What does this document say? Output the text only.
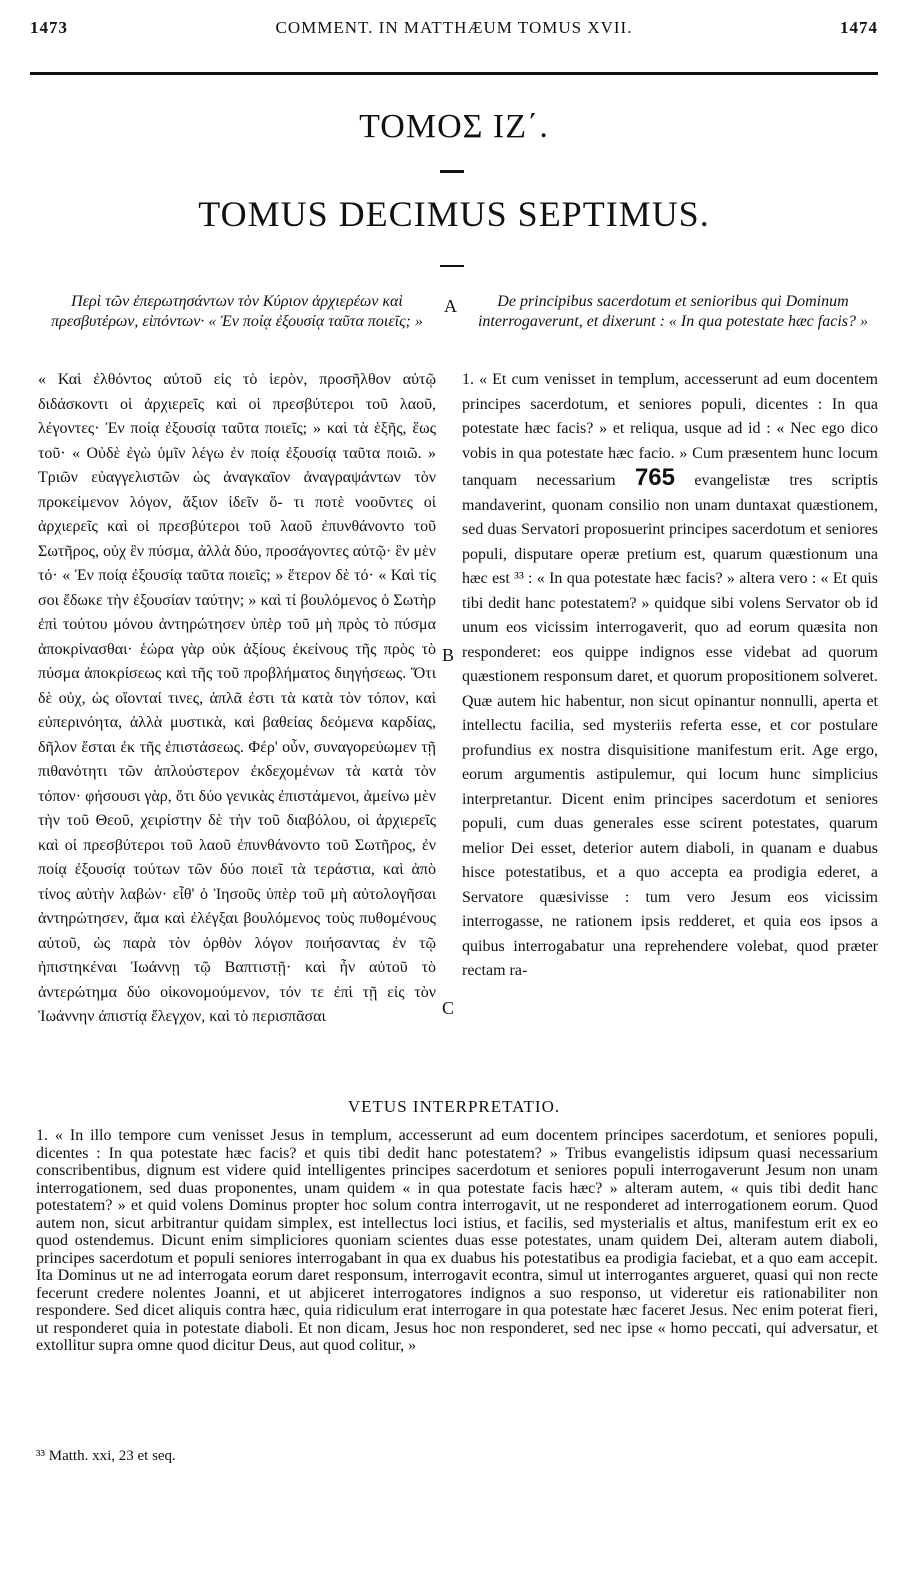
1473	COMMENT. IN MATTHÆUM TOMUS XVII.	1474
ΤΟΜΟΣ ΙΖ΄.
TOMUS DECIMUS SEPTIMUS.
Περὶ τῶν ἐπερωτησάντων τὸν Κύριον ἀρχιερέων καὶ πρεσβυτέρων, εἰπόντων· « Ἐν ποίᾳ ἐξουσίᾳ ταῦτα ποιεῖς; »
De principibus sacerdotum et senioribus qui Dominum interrogaverunt, et dixerunt : « In qua potestate hæc facis? »
A
B
C
« Καὶ ἐλθόντος αὐτοῦ εἰς τὸ ἱερὸν, προσῆλθον αὐτῷ διδάσκοντι οἱ ἀρχιερεῖς καὶ οἱ πρεσβύτεροι τοῦ λαοῦ, λέγοντες· Ἐν ποίᾳ ἐξουσίᾳ ταῦτα ποιεῖς; » καὶ τὰ ἑξῆς, ἕως τοῦ· « Οὐδὲ ἐγὼ ὑμῖν λέγω ἐν ποίᾳ ἐξουσίᾳ ταῦτα ποιῶ. » Τριῶν εὐαγγελιστῶν ὡς ἀναγκαῖον ἀναγραψάντων τὸν προκείμενον λόγον, ἄξιον ἰδεῖν ὅ- τι ποτὲ νοοῦντες οἱ ἀρχιερεῖς καὶ οἱ πρεσβύτεροι τοῦ λαοῦ ἐπυνθάνοντο τοῦ Σωτῆρος, οὐχ ἓν πύσμα, ἀλλὰ δύο, προσάγοντες αὐτῷ· ἓν μὲν τό· « Ἐν ποίᾳ ἐξουσίᾳ ταῦτα ποιεῖς; » ἕτερον δὲ τό· « Καὶ τίς σοι ἔδωκε τὴν ἐξουσίαν ταύτην; » καὶ τί βουλόμενος ὁ Σωτὴρ ἐπὶ τούτου μόνου ἀντηρώτησεν ὑπὲρ τοῦ μὴ πρὸς τὸ πύσμα ἀποκρίνασθαι· ἑώρα γὰρ οὐκ ἀξίους ἐκείνους τῆς πρὸς τὸ πύσμα ἀποκρίσεως καὶ τῆς τοῦ προβλήματος διηγήσεως. Ὅτι δὲ οὐχ, ὡς οἴονταί τινες, ἁπλᾶ ἐστι τὰ κατὰ τὸν τόπον, καὶ εὐπερινόητα, ἀλλὰ μυστικὰ, καὶ βαθείας δεόμενα καρδίας, δῆλον ἔσται ἐκ τῆς ἐπιστάσεως. Φέρ' οὖν, συναγορεύωμεν τῇ πιθανότητι τῶν ἁπλούστερον ἐκδεχομένων τὰ κατὰ τὸν τόπον· φήσουσι γὰρ, ὅτι δύο γενικὰς ἐπιστάμενοι, ἀμείνω μὲν τὴν τοῦ Θεοῦ, χειρίστην δὲ τὴν τοῦ διαβόλου, οἱ ἀρχιερεῖς καὶ οἱ πρεσβύτεροι τοῦ λαοῦ ἐπυνθάνοντο τοῦ Σωτῆρος, ἐν ποίᾳ ἐξουσίᾳ τούτων τῶν δύο ποιεῖ τὰ τεράστια, καὶ ἀπὸ τίνος αὐτὴν λαβών· εἶθ' ὁ Ἰησοῦς ὑπὲρ τοῦ μὴ αὐτολογῆσαι ἀντηρώτησεν, ἅμα καὶ ἐλέγξαι βουλόμενος τοὺς πυθομένους αὐτοῦ, ὡς παρὰ τὸν ὀρθὸν λόγον ποιήσαντας ἐν τῷ ἠπιστηκέναι Ἰωάννῃ τῷ Βαπτιστῇ· καὶ ἦν αὐτοῦ τὸ ἀντερώτημα δύο οἰκονομούμενον, τόν τε ἐπὶ τῇ εἰς τὸν Ἰωάννην ἀπιστίᾳ ἔλεγχον, καὶ τὸ περισπᾶσαι
1. « Et cum venisset in templum, accesserunt ad eum docentem principes sacerdotum, et seniores populi, dicentes : In qua potestate hæc facis? » et reliqua, usque ad id : « Nec ego dico vobis in qua potestate hæc facio. » Cum præsentem hunc locum tanquam necessarium 765 evangelistæ tres scriptis mandaverint, quonam consilio non unam duntaxat quæstionem, sed duas Servatori proposuerint principes sacerdotum et seniores populi, disputare operæ pretium est, quarum quæstionum una hæc est ³³ : « In qua potestate hæc facis? » altera vero : « Et quis tibi dedit hanc potestatem? » quidque sibi volens Servator ob id unum eos vicissim interrogaverit, quo ad eorum quæsita non responderet: eos quippe indignos esse videbat ad quorum quæstionem responsum daret, et quorum propositionem solveret. Quæ autem hic habentur, non sicut opinantur nonnulli, aperta et intellectu facilia, sed mysteriis referta esse, et cor postulare profundius ex nostra disquisitione manifestum erit. Age ergo, eorum argumentis astipulemur, qui locum hunc simplicius interpretantur. Dicent enim principes sacerdotum et seniores populi, cum duas generales esse scirent potestates, quarum melior Dei esset, deterior autem diaboli, in quanam e duabus hisce potestatibus, et a quo accepta ea prodigia ederet, a Servatore quæsivisse : tum vero Jesum eos vicissim interrogasse, ne rationem ipsis redderet, et quia eos ipsos a quibus interrogabatur una reprehendere volebat, quod præter rectam ra-
VETUS INTERPRETATIO.
1. « In illo tempore cum venisset Jesus in templum, accesserunt ad eum docentem principes sacerdotum, et seniores populi, dicentes : In qua potestate hæc facis? et quis tibi dedit hanc potestatem? » Tribus evangelistis idipsum quasi necessarium conscribentibus, dignum est videre quid intelligentes principes sacerdotum et seniores populi interrogaverunt Jesum non unam interrogationem, sed duas proponentes, unam quidem « in qua potestate facis hæc? » alteram autem, « quis tibi dedit hanc potestatem? » et quid volens Dominus propter hoc solum contra interrogavit, ut ne responderet ad interrogationem eorum. Quod autem non, sicut arbitrantur quidam simplex, est intellectus loci istius, et facilis, sed mysterialis et altus, manifestum erit ex eo quod ostendemus. Dicunt enim simpliciores quoniam scientes duas esse potestates, unam quidem Dei, alteram autem diaboli, principes sacerdotum et populi seniores interrogabant in qua ex duabus his potestatibus ea prodigia faciebat, et a quo eam accepit. Ita Dominus ut ne ad interrogata eorum daret responsum, interrogavit econtra, simul ut interrogantes argueret, quasi qui non recte fecerunt credere nolentes Joanni, et ut abjiceret interrogatores indignos a suo responso, ut videretur eis rationabiliter non respondere. Sed dicet aliquis contra hæc, quia ridiculum erat interrogare in qua potestate hæc faceret Jesus. Nec enim poterat fieri, ut responderet quia in potestate diaboli. Et non dicam, Jesus hoc non responderet, sed nec ipse « homo peccati, qui adversatur, et extollitur supra omne quod dicitur Deus, aut quod colitur, »
³³ Matth. xxi, 23 et seq.
